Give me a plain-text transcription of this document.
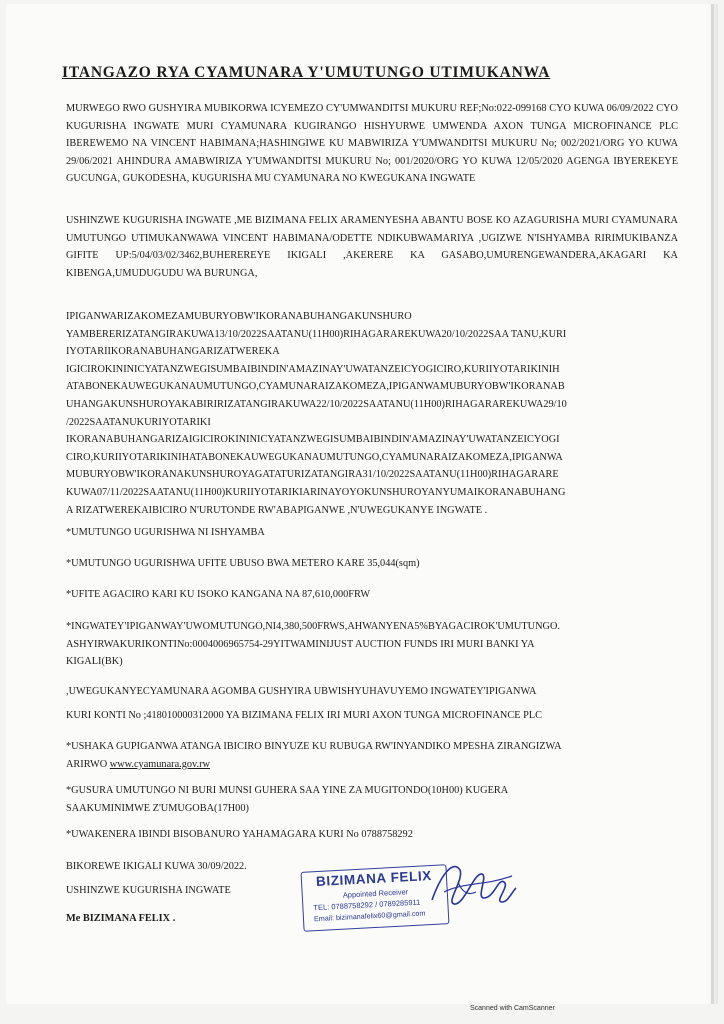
ITANGAZO RYA CYAMUNARA Y'UMUTUNGO UTIMUKANWA

MURWEGO RWO GUSHYIRA MUBIKORWA ICYEMEZO CY'UMWANDITSI MUKURU REF;No:022-099168 CYO KUWA 06/09/2022 CYO KUGURISHA INGWATE MURI CYAMUNARA KUGIRANGO HISHYURWE UMWENDA AXON TUNGA MICROFINANCE PLC IBEREWEMO NA VINCENT HABIMANA;HASHINGIWE KU MABWIRIZA Y'UMWANDITSI MUKURU No; 002/2021/ORG YO KUWA 29/06/2021 AHINDURA AMABWIRIZA Y'UMWANDITSI MUKURU No; 001/2020/ORG YO KUWA 12/05/2020 AGENGA IBYEREKEYE GUCUNGA, GUKODESHA, KUGURISHA MU CYAMUNARA NO KWEGUKANA INGWATE

USHINZWE KUGURISHA INGWATE ,ME BIZIMANA FELIX ARAMENYESHA ABANTU BOSE KO AZAGURISHA MURI CYAMUNARA UMUTUNGO UTIMUKANWAWA VINCENT HABIMANA/ODETTE NDIKUBWAMARIYA ,UGIZWE N'ISHYAMBA RIRIMUKIBANZA GIFITE UP:5/04/03/02/3462,BUHEREREYE IKIGALI ,AKERERE KA GASABO,UMURENGEWANDERA,AKAGARI KA KIBENGA,UMUDUGUDU WA BURUNGA,

IPIGANWARIZAKOMEZAMUBURYOBW'IKORANABUHANGAKUNSHURO
YAMBERERIZATANGIRAKUWA13/10/2022SAATANU(11H00)RIHAGARAREKUWA20/10/2022SAA TANU,KURI
IYOTARIIKORANABUHANGARIZATWEREKA
IGICIROKININICYATANZWEGISUMBAIBINDIN'AMAZINAY'UWATANZEICYOGICIRO,KURIIYOTARIKINIH
ATABONEKAUWEGUKANAUMUTUNGO,CYAMUNARAIZAKOMEZA,IPIGANWAMUBURYOBW'IKORANAB
UHANGAKUNSHUROYAKABIRIRIZATANGIRAKUWA22/10/2022SAATANU(11H00)RIHAGARAREKUWA29/10
/2022SAATANUKURIYOTARIKI
IKORANABUHANGARIZAIGICIROKININICYATANZWEGISUMBAIBINDIN'AMAZINAY'UWATANZEICYOGI
CIRO,KURIIYOTARIKINIHATABONEKAUWEGUKANAUMUTUNGO,CYAMUNARAIZAKOMEZA,IPIGANWA
MUBURYOBW'IKORANAKUNSHUROYAGATATURIZATANGIRA31/10/2022SAATANU(11H00)RIHAGARARE
KUWA07/11/2022SAATANU(11H00)KURIIYOTARIKIARINAYOYOKUNSHUROYANYUMAIKORANABUHANG
A RIZATWEREKAIBICIRO N'URUTONDE RW'ABAPIGANWE ,N'UWEGUKANYE INGWATE .
*UMUTUNGO UGURISHWA NI ISHYAMBA
*UMUTUNGO UGURISHWA UFITE UBUSO BWA METERO KARE 35,044(sqm)
*UFITE AGACIRO KARI KU ISOKO KANGANA NA 87,610,000FRW
*INGWATEY'IPIGANWAY'UWOMUTUNGO,NI4,380,500FRWS,AHWANYENA5%BYAGACIROK'UMUTUNGO.
ASHYIRWAKURIKONTINo:0004006965754-29YITWAMINIJUST AUCTION FUNDS IRI MURI BANKI YA
KIGALI(BK)
,UWEGUKANYECYAMUNARA AGOMBA GUSHYIRA UBWISHYUHAVUYEMO INGWATEY'IPIGANWA
KURI KONTI No ;418010000312000 YA BIZIMANA FELIX IRI MURI AXON TUNGA MICROFINANCE PLC
*USHAKA GUPIGANWA ATANGA IBICIRO BINYUZE KU RUBUGA RW'INYANDIKO MPESHA ZIRANGIZWA
ARIRWO www.cyamunara.gov.rw
*GUSURA UMUTUNGO NI BURI MUNSI GUHERA SAA YINE ZA MUGITONDO(10H00) KUGERA
SAAKUMINIMWE Z'UMUGOBA(17H00)
*UWAKENERA IBINDI BISOBANURO YAHAMAGARA KURI No 0788758292
BIKOREWE IKIGALI KUWA 30/09/2022.
USHINZWE KUGURISHA INGWATE
Me BIZIMANA FELIX .
BIZIMANA FELIX
Appointed Receiver
TEL: 0788758292 / 0789285911
Email: bizimanafelix60@gmail.com
Scanned with CamScanner
